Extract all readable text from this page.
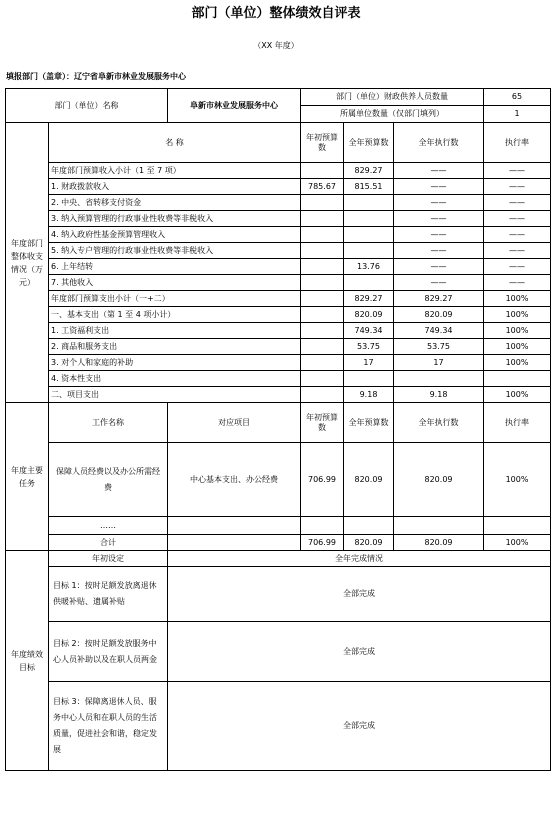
部门（单位）整体绩效自评表
（XX 年度）
填报部门（盖章）：辽宁省阜新市林业发展服务中心
部门（单位）名称		阜新市林业发展服务中心	部门（单位）财政供养人员数量			65
			所属单位数量（仅部门填列）			1
年度部门整体收支情况（万元）	名 称		年初预算数	全年预算数	全年执行数	执行率
	年度部门预算收入小计（1 至 7 项）			829.27	——	——
	1. 财政拨款收入		785.67	815.51	——	——
	2. 中央、省转移支付资金				——	——
	3. 纳入预算管理的行政事业性收费等非税收入				——	——
	4. 纳入政府性基金预算管理收入				——	——
	5. 纳入专户管理的行政事业性收费等非税收入				——	——
	6. 上年结转			13.76	——	——
	7. 其他收入				——	——
	年度部门预算支出小计（一+二）			829.27	829.27	100%
	一、基本支出（第 1 至 4 项小计）			820.09	820.09	100%
	1. 工资福利支出			749.34	749.34	100%
	2. 商品和服务支出			53.75	53.75	100%
	3. 对个人和家庭的补助			17	17	100%
	4. 资本性支出					
	二、项目支出			9.18	9.18	100%
年度主要任务	工作名称	对应项目	年初预算数	全年预算数	全年执行数	执行率
	保障人员经费以及办公所需经费	中心基本支出、办公经费	706.99	820.09	820.09	100%
	……					
	合计		706.99	820.09	820.09	100%
年度绩效目标	年初设定	全年完成情况				
	目标 1：按时足额发放离退休供暖补贴、遗属补贴	全部完成				
	目标 2：按时足额发放服务中心人员补助以及在职人员两金	全部完成				
	目标 3：保障离退休人员、服务中心人员和在职人员的生活质量，促进社会和谐，稳定发展	全部完成				
